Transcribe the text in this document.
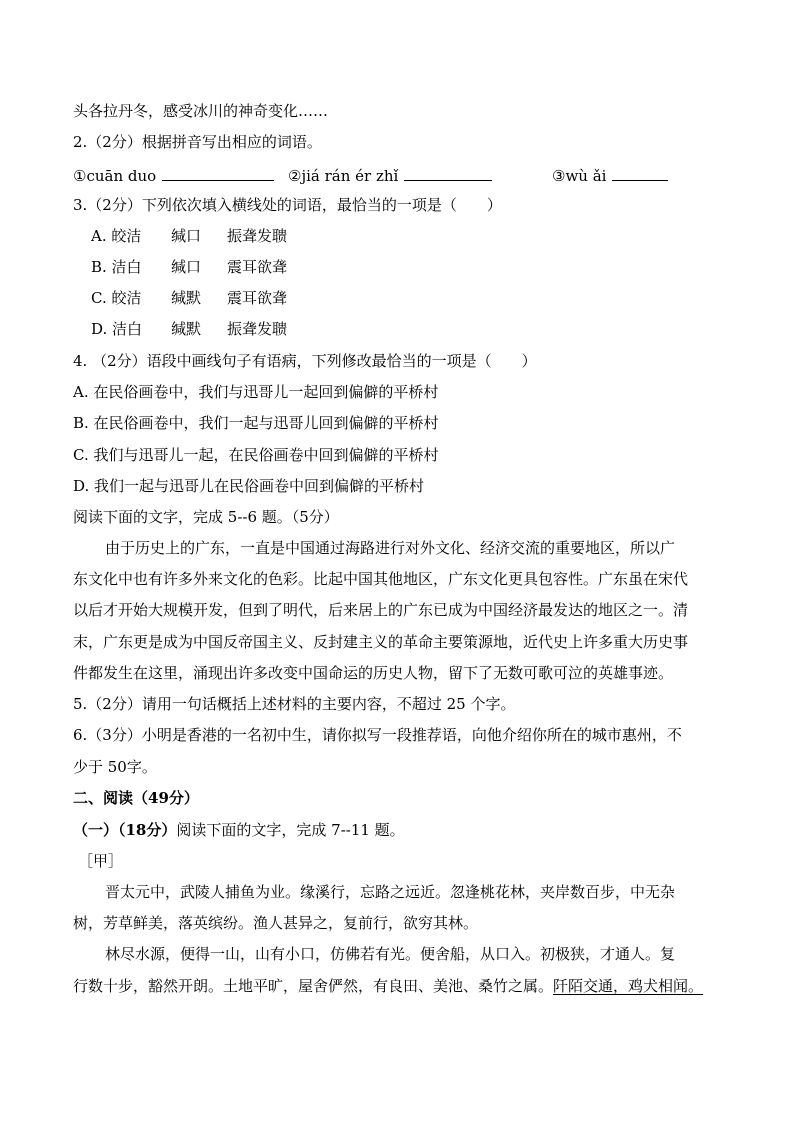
头各拉丹冬，感受冰川的神奇变化……
2.（2分）根据拼音写出相应的词语。
①cuān duo	②jiá rán ér zhǐ	③wù ǎi
3.（2分）下列依次填入横线处的词语，最恰当的一项是（　　）
A. 皎洁 缄口 振聋发聩
B. 洁白 缄口 震耳欲聋
C. 皎洁 缄默 震耳欲聋
D. 洁白 缄默 振聋发聩
4. （2分）语段中画线句子有语病，下列修改最恰当的一项是（　　）
A. 在民俗画卷中，我们与迅哥儿一起回到偏僻的平桥村
B. 在民俗画卷中，我们一起与迅哥儿回到偏僻的平桥村
C. 我们与迅哥儿一起，在民俗画卷中回到偏僻的平桥村
D. 我们一起与迅哥儿在民俗画卷中回到偏僻的平桥村
阅读下面的文字，完成 5--6 题。（5分）
由于历史上的广东，一直是中国通过海路进行对外文化、经济交流的重要地区，所以广
东文化中也有许多外来文化的色彩。比起中国其他地区，广东文化更具包容性。广东虽在宋代
以后才开始大规模开发，但到了明代，后来居上的广东已成为中国经济最发达的地区之一。清
末，广东更是成为中国反帝国主义、反封建主义的革命主要策源地，近代史上许多重大历史事
件都发生在这里，涌现出许多改变中国命运的历史人物，留下了无数可歌可泣的英雄事迹。
5.（2分）请用一句话概括上述材料的主要内容，不超过 25 个字。
6.（3分）小明是香港的一名初中生，请你拟写一段推荐语，向他介绍你所在的城市惠州，不
少于 50字。
二、阅读（49分）
（一）（18分）阅读下面的文字，完成 7--11 题。
［甲］
晋太元中，武陵人捕鱼为业。缘溪行，忘路之远近。忽逢桃花林，夹岸数百步，中无杂
树，芳草鲜美，落英缤纷。渔人甚异之，复前行，欲穷其林。
林尽水源，便得一山，山有小口，仿佛若有光。便舍船，从口入。初极狭，才通人。复
行数十步，豁然开朗。土地平旷，屋舍俨然，有良田、美池、桑竹之属。阡陌交通，鸡犬相闻。
